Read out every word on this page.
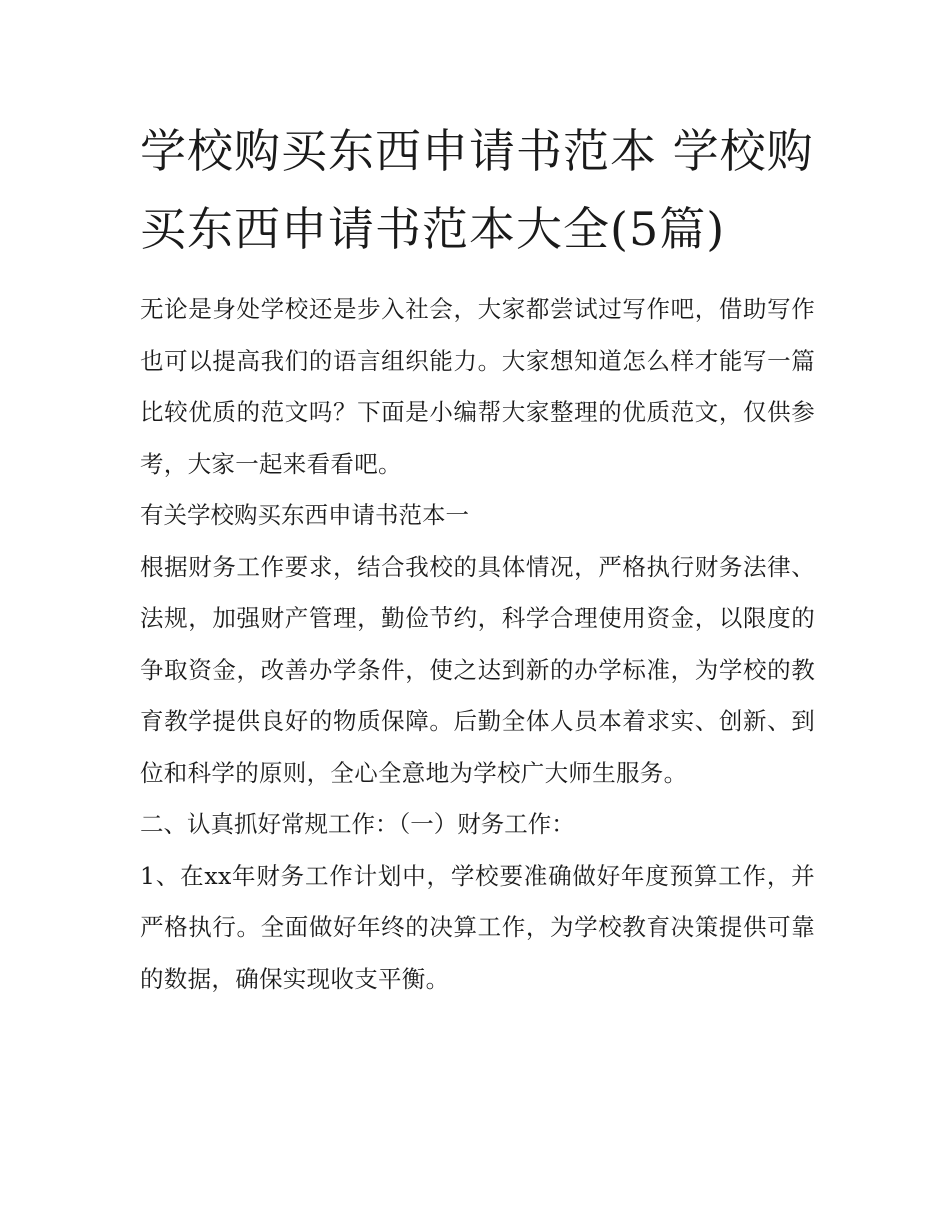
学校购买东西申请书范本 学校购买东西申请书范本大全(5篇)

无论是身处学校还是步入社会，大家都尝试过写作吧，借助写作也可以提高我们的语言组织能力。大家想知道怎么样才能写一篇比较优质的范文吗？下面是小编帮大家整理的优质范文，仅供参考，大家一起来看看吧。

有关学校购买东西申请书范本一

根据财务工作要求，结合我校的具体情况，严格执行财务法律、法规，加强财产管理，勤俭节约，科学合理使用资金，以限度的争取资金，改善办学条件，使之达到新的办学标准，为学校的教育教学提供良好的物质保障。后勤全体人员本着求实、创新、到位和科学的原则，全心全意地为学校广大师生服务。

二、认真抓好常规工作：（一）财务工作：

1、在xx年财务工作计划中，学校要准确做好年度预算工作，并严格执行。全面做好年终的决算工作，为学校教育决策提供可靠的数据，确保实现收支平衡。
